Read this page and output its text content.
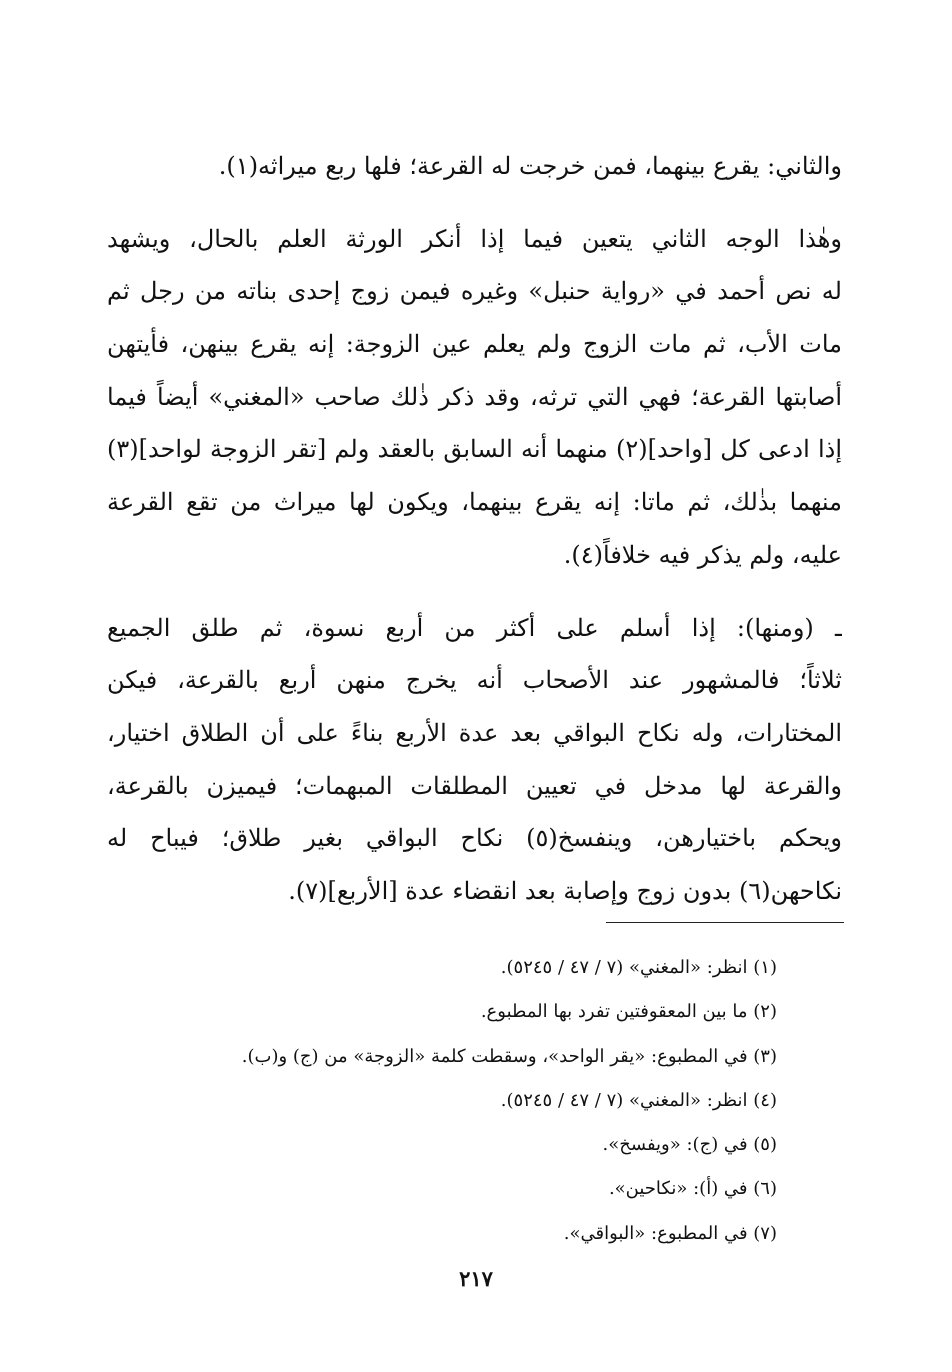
والثاني: يقرع بينهما، فمن خرجت له القرعة؛ فلها ربع ميراثه(١).
وهٰذا الوجه الثاني يتعين فيما إذا أنكر الورثة العلم بالحال، ويشهد
له نص أحمد في «رواية حنبل» وغيره فيمن زوج إحدى بناته من رجل ثم
مات الأب، ثم مات الزوج ولم يعلم عين الزوجة: إنه يقرع بينهن، فأيتهن
أصابتها القرعة؛ فهي التي ترثه، وقد ذكر ذٰلك صاحب «المغني» أيضاً فيما
إذا ادعى كل [واحد](٢) منهما أنه السابق بالعقد ولم [تقر الزوجة لواحد](٣)
منهما بذٰلك، ثم ماتا: إنه يقرع بينهما، ويكون لها ميراث من تقع القرعة
عليه، ولم يذكر فيه خلافاً(٤).
ـ (ومنها): إذا أسلم على أكثر من أربع نسوة، ثم طلق الجميع
ثلاثاً؛ فالمشهور عند الأصحاب أنه يخرج منهن أربع بالقرعة، فيكن
المختارات، وله نكاح البواقي بعد عدة الأربع بناءً على أن الطلاق اختيار،
والقرعة لها مدخل في تعيين المطلقات المبهمات؛ فيميزن بالقرعة،
ويحكم باختيارهن، وينفسخ(٥) نكاح البواقي بغير طلاق؛ فيباح له
نكاحهن(٦) بدون زوج وإصابة بعد انقضاء عدة [الأربع](٧).
(١) انظر: «المغني» (٧ / ٤٧ / ٥٢٤٥).
(٢) ما بين المعقوفتين تفرد بها المطبوع.
(٣) في المطبوع: «يقر الواحد»، وسقطت كلمة «الزوجة» من (ج) و(ب).
(٤) انظر: «المغني» (٧ / ٤٧ / ٥٢٤٥).
(٥) في (ج): «ويفسخ».
(٦) في (أ): «نكاحين».
(٧) في المطبوع: «البواقي».
٢١٧
